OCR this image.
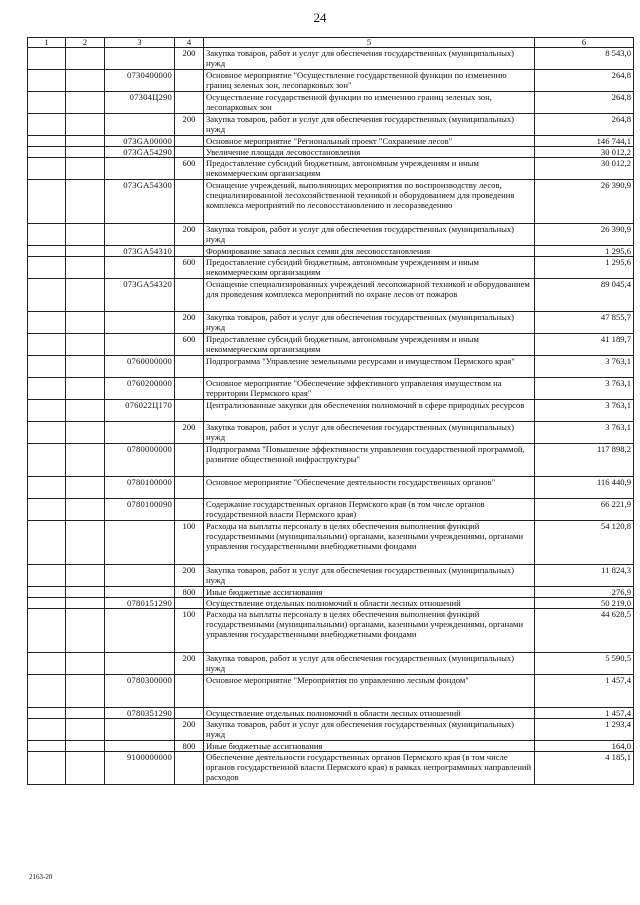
24
1	2	3	4	5	6
			200	Закупка товаров, работ и услуг для обеспечения государственных (муниципальных) нужд	8 543,0
		0730400000		Основное мероприятие "Осуществление государственной функции по изменению границ зеленых зон, лесопарковых зон"	264,8
		07304Ц290		Осуществление государственной функции по изменению границ зеленых зон, лесопарковых зон	264,8
			200	Закупка товаров, работ и услуг для обеспечения государственных (муниципальных) нужд	264,8
		073GA00000		Основное мероприятие "Региональный проект "Сохранение лесов"	146 744,1
		073GA54290		Увеличение площади лесовосстановления	30 012,2
			600	Предоставление субсидий бюджетным, автономным учреждениям и иным некоммерческим организациям	30 012,2
		073GA54300		Оснащение учреждений, выполняющих мероприятия по воспроизводству лесов, специализированной лесохозяйственной техникой и оборудованием для проведения комплекса мероприятий по лесовосстановлению и лесоразведению	26 390,9
			200	Закупка товаров, работ и услуг для обеспечения государственных (муниципальных) нужд	26 390,9
		073GA54310		Формирование запаса лесных семян для лесовосстановления	1 295,6
			600	Предоставление субсидий бюджетным, автономным учреждениям и иным некоммерческим организациям	1 295,6
		073GA54320		Оснащение специализированных учреждений лесопожарной техникой и оборудованием для проведения комплекса мероприятий по охране лесов от пожаров	89 045,4
			200	Закупка товаров, работ и услуг для обеспечения государственных (муниципальных) нужд	47 855,7
			600	Предоставление субсидий бюджетным, автономным учреждениям и иным некоммерческим организациям	41 189,7
		0760000000		Подпрограмма "Управление земельными ресурсами и имуществом Пермского края"	3 763,1
		0760200000		Основное мероприятие "Обеспечение эффективного управления имуществом на территории Пермского края"	3 763,1
		076022Ц170		Централизованные закупки для обеспечения полномочий в сфере природных ресурсов	3 763,1
			200	Закупка товаров, работ и услуг для обеспечения государственных (муниципальных) нужд	3 763,1
		0780000000		Подпрограмма "Повышение эффективности управления государственной программой, развитие общественной инфраструктуры"	117 898,2
		0780100000		Основное мероприятие "Обеспечение деятельности государственных органов"	116 440,9
		0780100090		Содержание государственных органов Пермского края (в том числе органов государственной власти Пермского края)	66 221,9
			100	Расходы на выплаты персоналу в целях обеспечения выполнения функций государственными (муниципальными) органами, казенными учреждениями, органами управления государственными внебюджетными фондами	54 120,8
			200	Закупка товаров, работ и услуг для обеспечения государственных (муниципальных) нужд	11 824,3
			800	Иные бюджетные ассигнования	276,9
		0780151290		Осуществление отдельных полномочий в области лесных отношений	50 219,0
			100	Расходы на выплаты персоналу в целях обеспечения выполнения функций государственными (муниципальными) органами, казенными учреждениями, органами управления государственными внебюджетными фондами	44 628,5
			200	Закупка товаров, работ и услуг для обеспечения государственных (муниципальных) нужд	5 590,5
		0780300000		Основное мероприятие "Мероприятия по управлению лесным фондом"	1 457,4
		0780351290		Осуществление отдельных полномочий в области лесных отношений	1 457,4
			200	Закупка товаров, работ и услуг для обеспечения государственных (муниципальных) нужд	1 293,4
			800	Иные бюджетные ассигнования	164,0
		9100000000		Обеспечение деятельности государственных органов Пермского края (в том числе органов государственной власти Пермского края) в рамках непрограммных направлений расходов	4 185,1
2163-20
